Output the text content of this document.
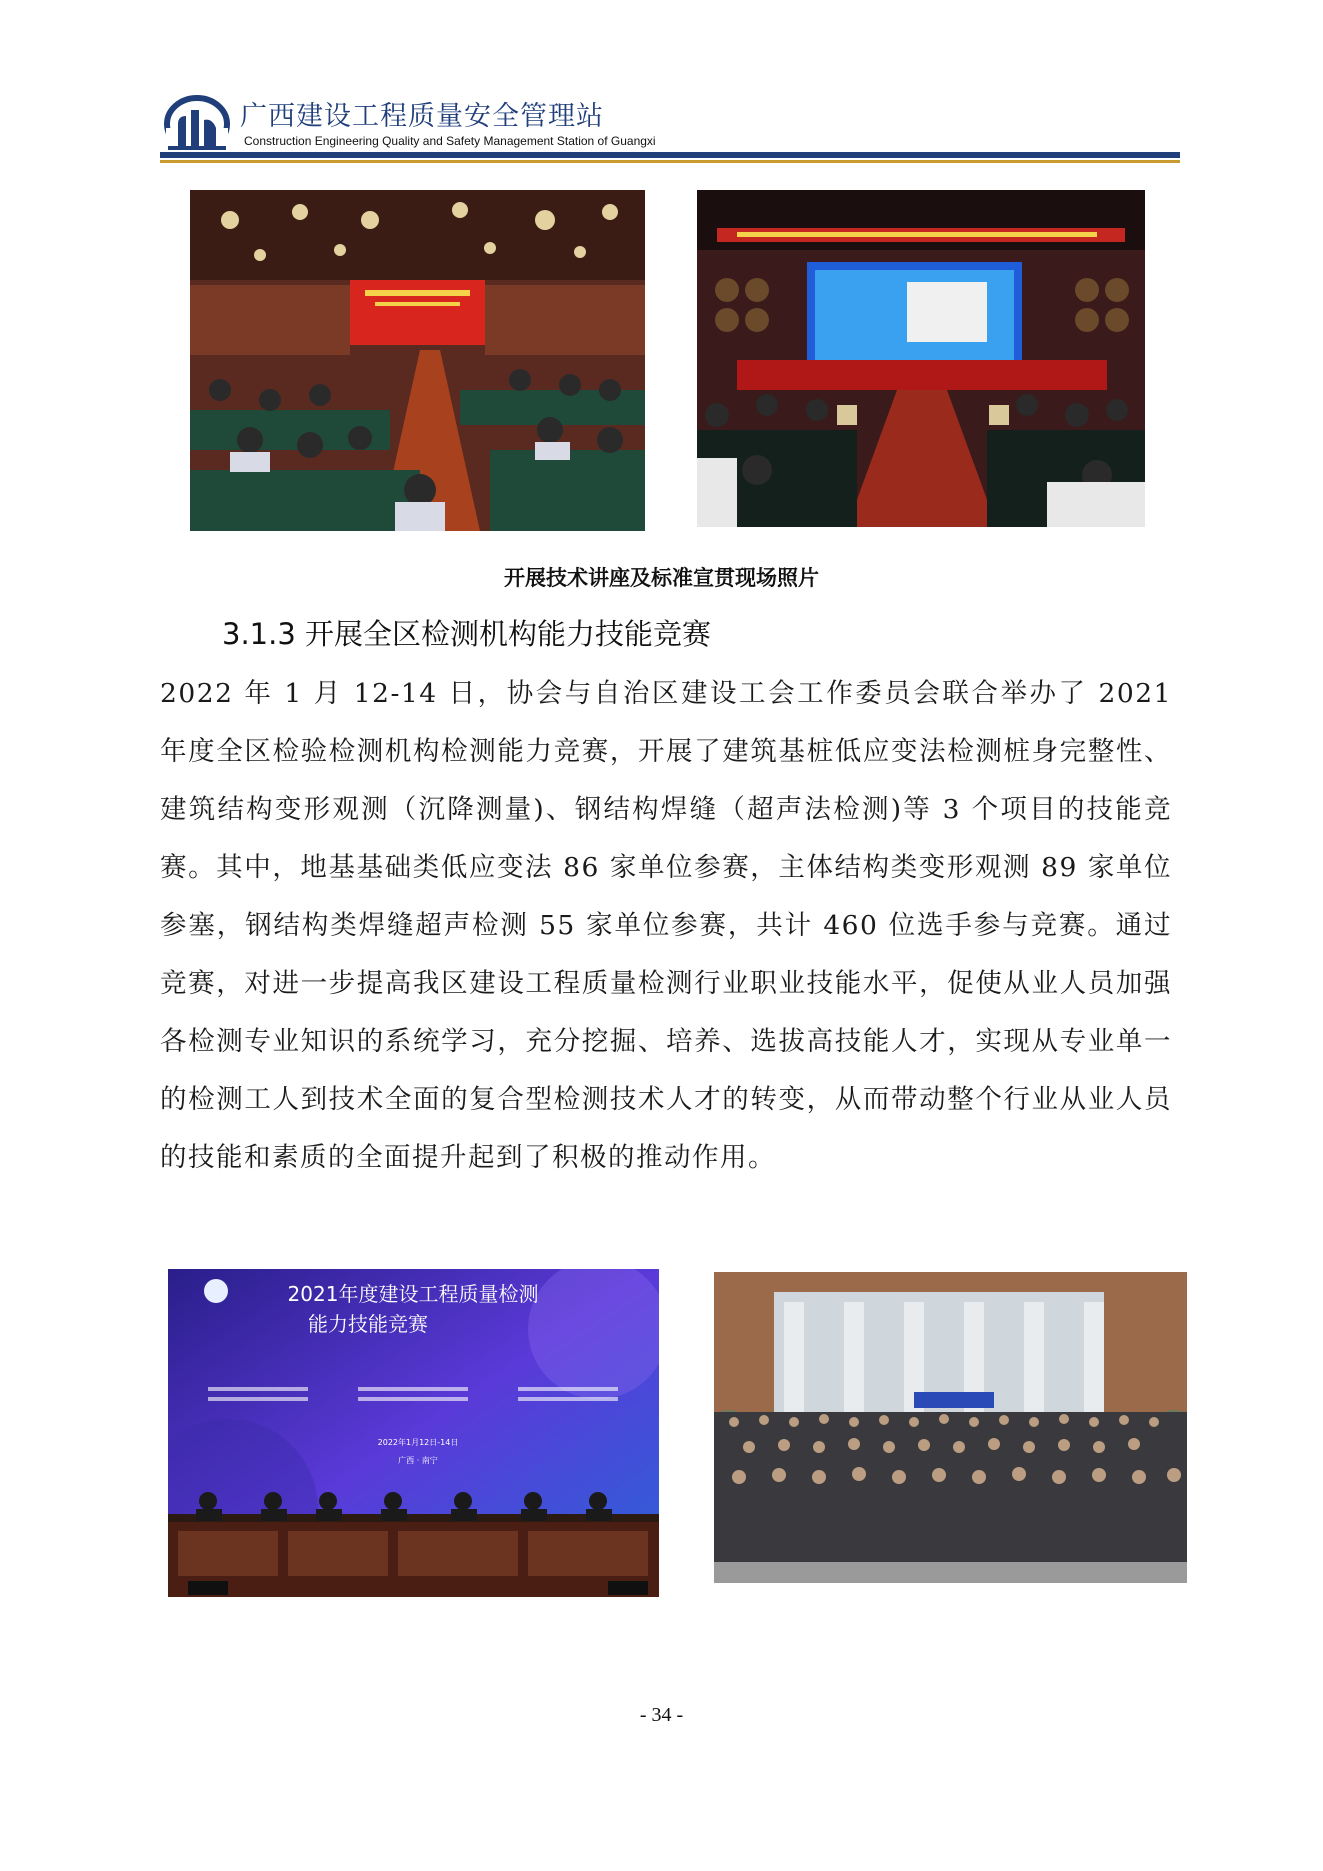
广西建设工程质量安全管理站
Construction Engineering Quality and Safety Management Station of Guangxi
开展技术讲座及标准宣贯现场照片
3.1.3 开展全区检测机构能力技能竞赛

2022 年 1 月 12-14 日，协会与自治区建设工会工作委员会联合举办了 2021 年度全区检验检测机构检测能力竞赛，开展了建筑基桩低应变法检测桩身完整性、建筑结构变形观测（沉降测量)、钢结构焊缝（超声法检测)等 3 个项目的技能竞赛。其中，地基基础类低应变法 86 家单位参赛，主体结构类变形观测 89 家单位参塞，钢结构类焊缝超声检测 55 家单位参赛，共计 460 位选手参与竞赛。通过竞赛，对进一步提高我区建设工程质量检测行业职业技能水平，促使从业人员加强各检测专业知识的系统学习，充分挖掘、培养、选拔高技能人才，实现从专业单一的检测工人到技术全面的复合型检测技术人才的转变，从而带动整个行业从业人员的技能和素质的全面提升起到了积极的推动作用。

2021年度建设工程质量检测
能力技能竞赛
2022年1月12日-14日
广西 · 南宁
- 34 -
